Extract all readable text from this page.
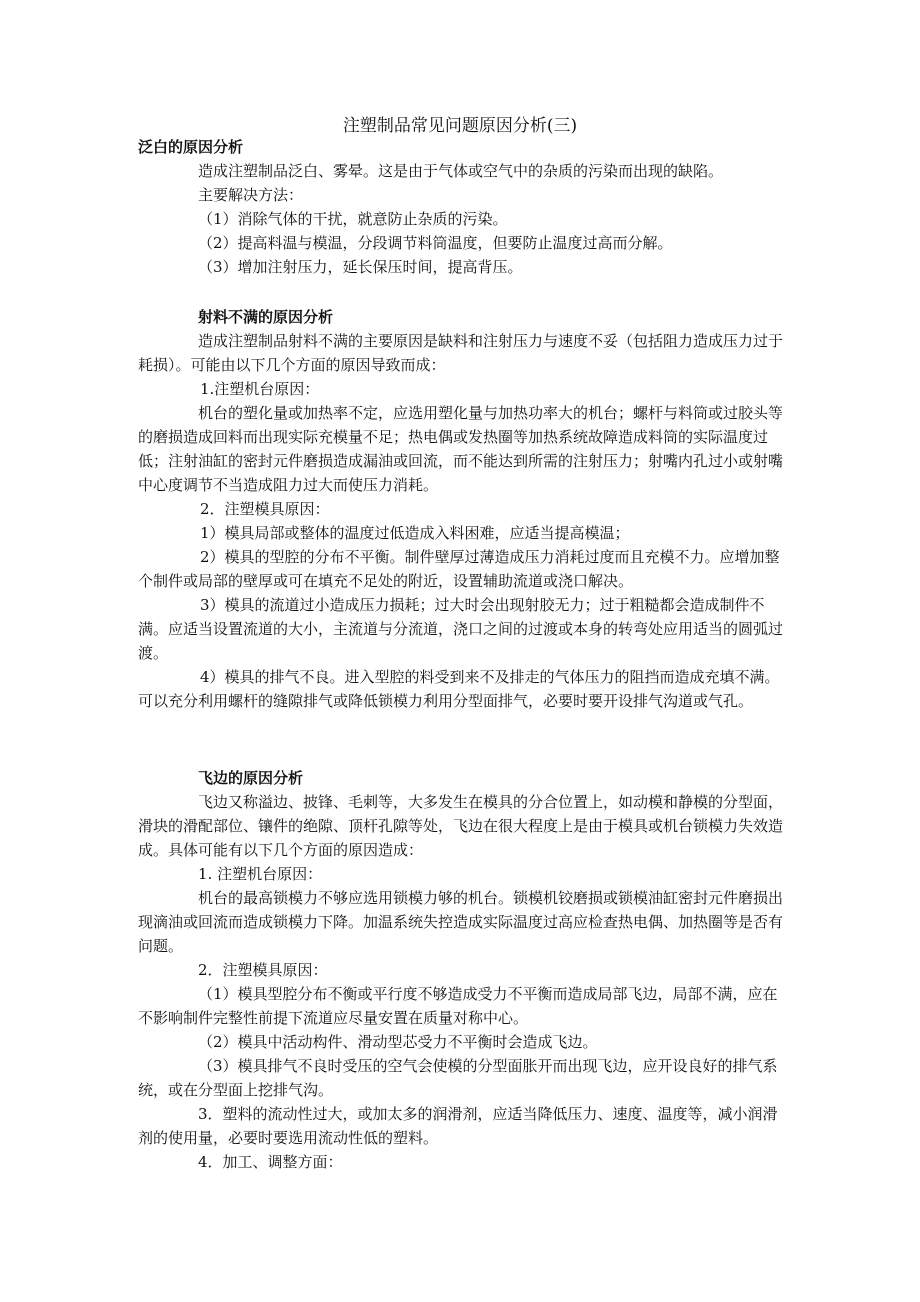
注塑制品常见问题原因分析(三)

泛白的原因分析

造成注塑制品泛白、雾晕。这是由于气体或空气中的杂质的污染而出现的缺陷。

主要解决方法：

（1）消除气体的干扰，就意防止杂质的污染。

（2）提高料温与模温，分段调节料筒温度，但要防止温度过高而分解。

（3）增加注射压力，延长保压时间，提高背压。

射料不满的原因分析

造成注塑制品射料不满的主要原因是缺料和注射压力与速度不妥（包括阻力造成压力过于耗损）。可能由以下几个方面的原因导致而成：

1.注塑机台原因：

机台的塑化量或加热率不定，应选用塑化量与加热功率大的机台；螺杆与料筒或过胶头等的磨损造成回料而出现实际充模量不足；热电偶或发热圈等加热系统故障造成料筒的实际温度过低；注射油缸的密封元件磨损造成漏油或回流，而不能达到所需的注射压力；射嘴内孔过小或射嘴中心度调节不当造成阻力过大而使压力消耗。

2．注塑模具原因：

1）模具局部或整体的温度过低造成入料困难，应适当提高模温；

2）模具的型腔的分布不平衡。制件壁厚过薄造成压力消耗过度而且充模不力。应增加整个制件或局部的壁厚或可在填充不足处的附近，设置辅助流道或浇口解决。

3）模具的流道过小造成压力损耗；过大时会出现射胶无力；过于粗糙都会造成制件不满。应适当设置流道的大小，主流道与分流道，浇口之间的过渡或本身的转弯处应用适当的圆弧过渡。

4）模具的排气不良。进入型腔的料受到来不及排走的气体压力的阻挡而造成充填不满。可以充分利用螺杆的缝隙排气或降低锁模力利用分型面排气，必要时要开设排气沟道或气孔。

飞边的原因分析

飞边又称溢边、披锋、毛刺等，大多发生在模具的分合位置上，如动模和静模的分型面，滑块的滑配部位、镶件的绝隙、顶杆孔隙等处，飞边在很大程度上是由于模具或机台锁模力失效造成。具体可能有以下几个方面的原因造成：

1. 注塑机台原因：

机台的最高锁模力不够应选用锁模力够的机台。锁模机铰磨损或锁模油缸密封元件磨损出现滴油或回流而造成锁模力下降。加温系统失控造成实际温度过高应检查热电偶、加热圈等是否有问题。

2．注塑模具原因：

（1）模具型腔分布不衡或平行度不够造成受力不平衡而造成局部飞边，局部不满，应在不影响制件完整性前提下流道应尽量安置在质量对称中心。

（2）模具中活动构件、滑动型芯受力不平衡时会造成飞边。

（3）模具排气不良时受压的空气会使模的分型面胀开而出现飞边，应开设良好的排气系统，或在分型面上挖排气沟。

3．塑料的流动性过大，或加太多的润滑剂，应适当降低压力、速度、温度等，减小润滑剂的使用量，必要时要选用流动性低的塑料。

4．加工、调整方面：
